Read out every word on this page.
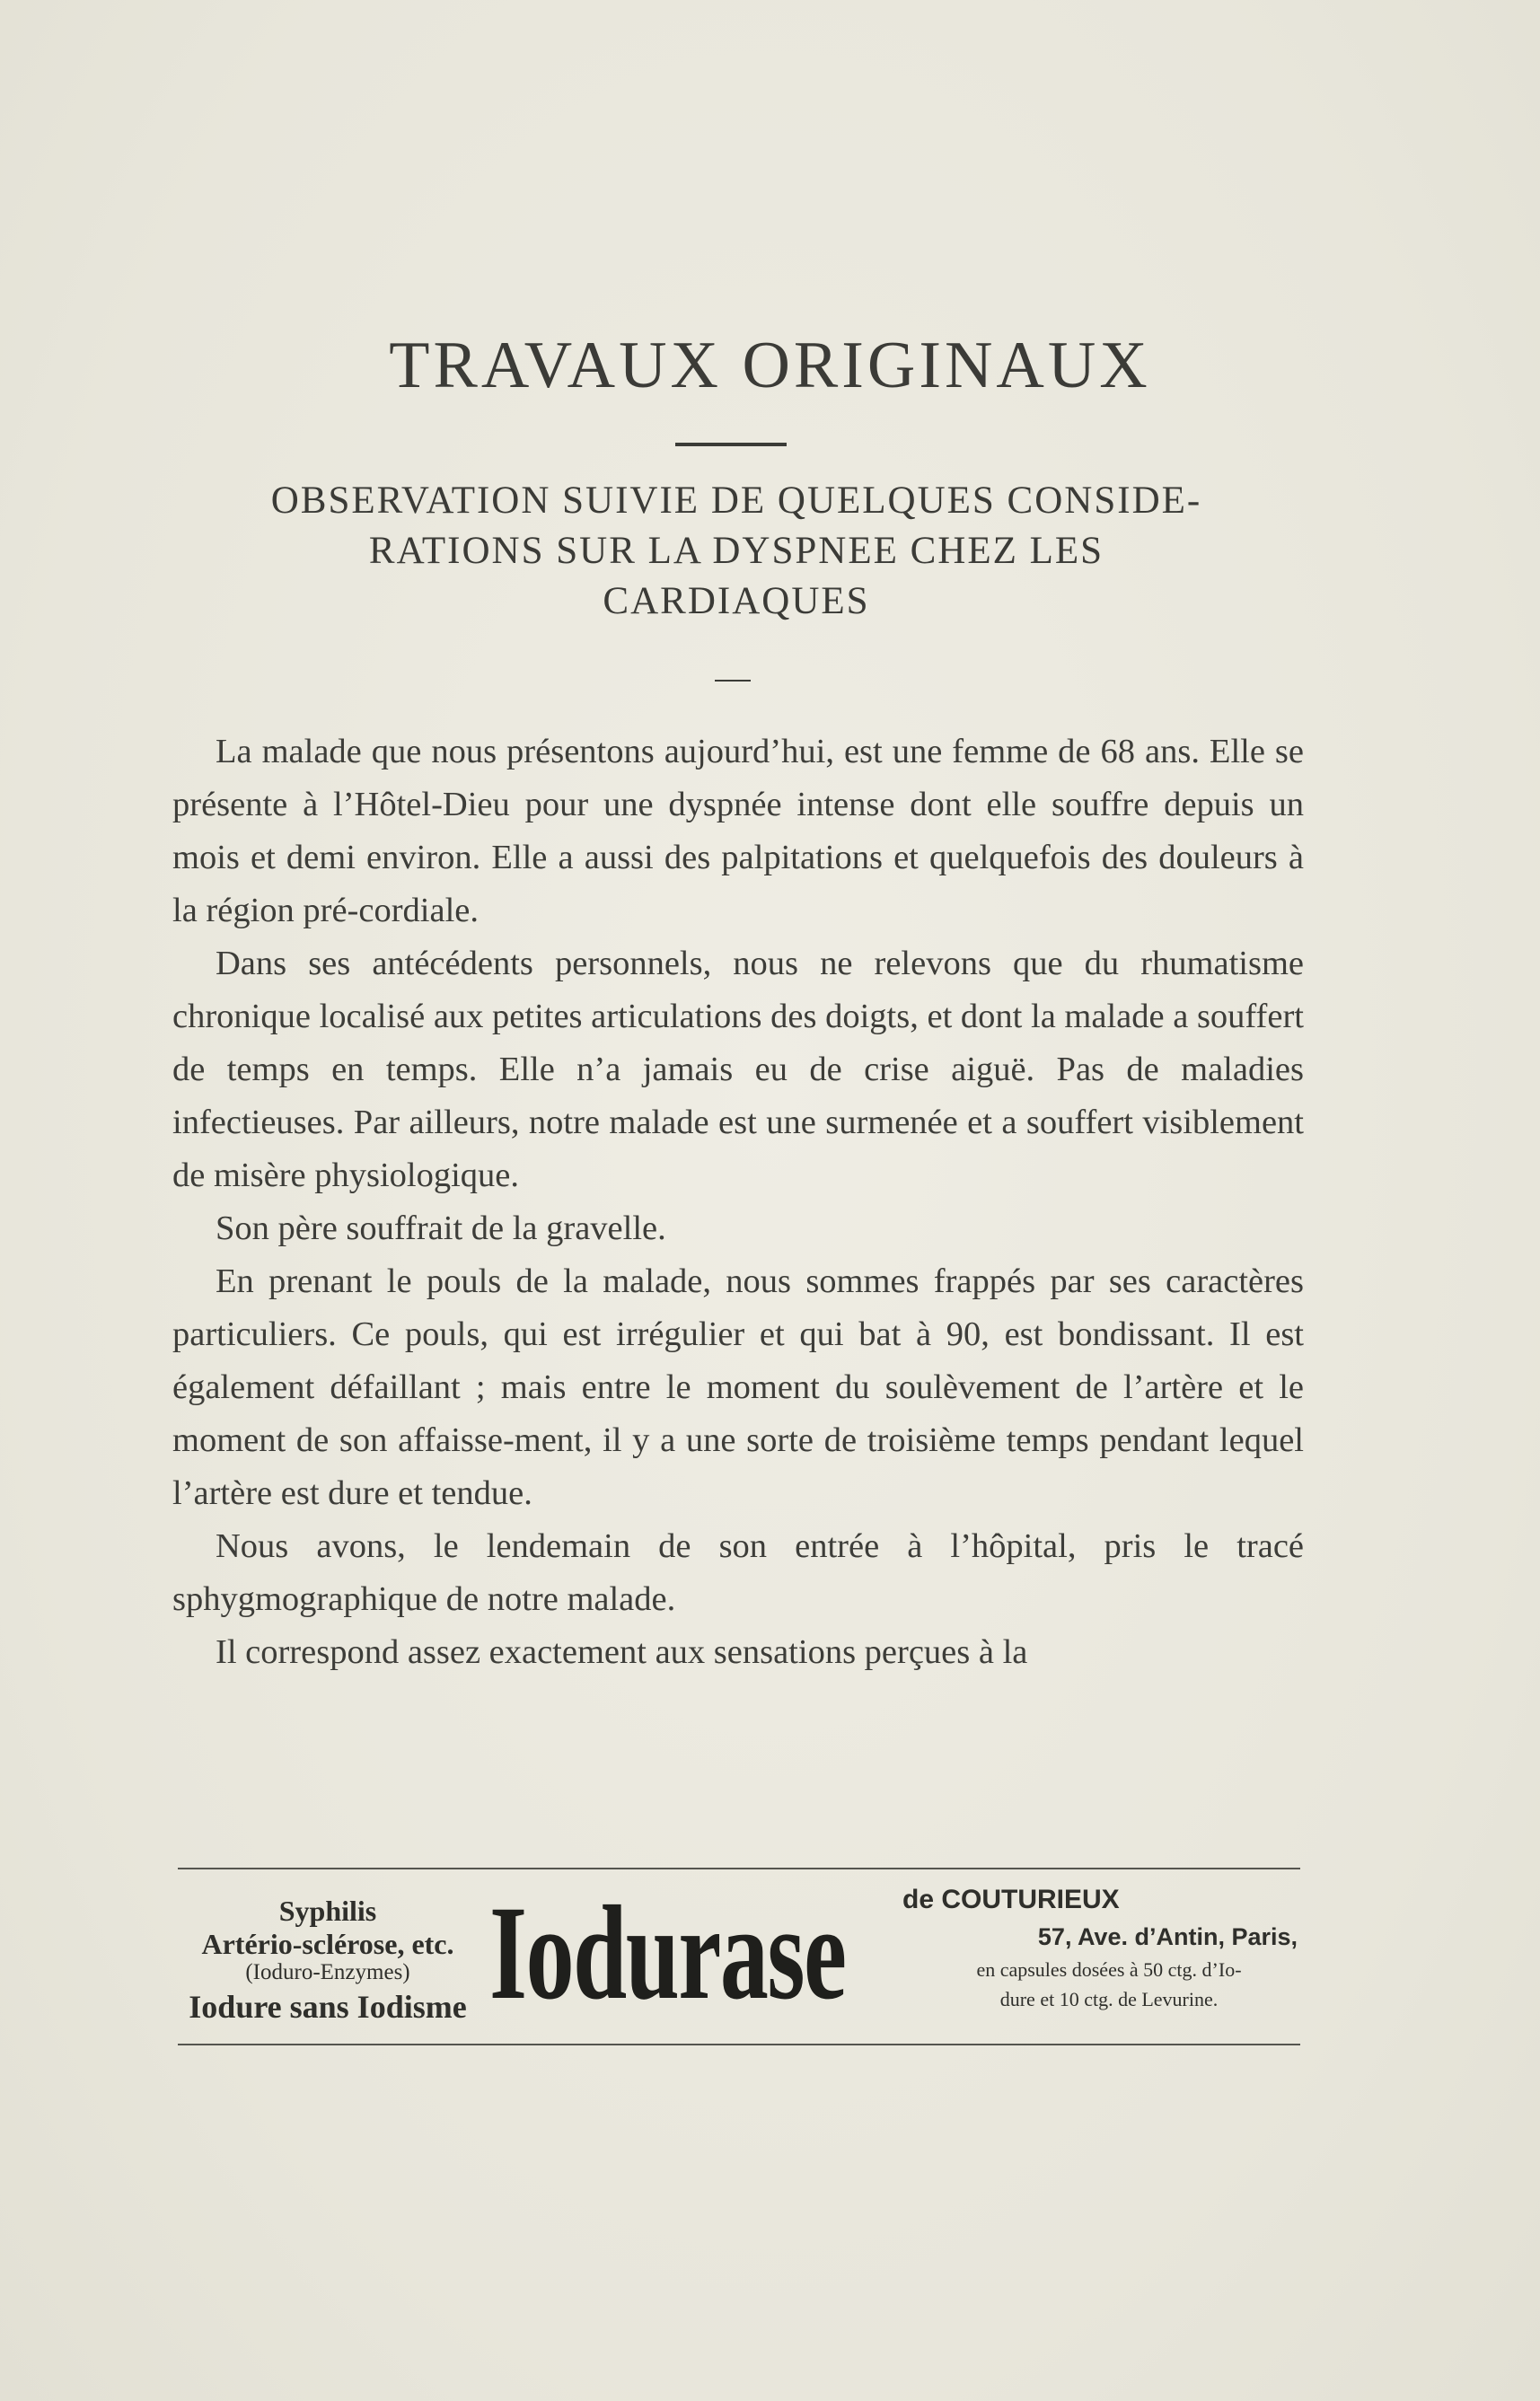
TRAVAUX ORIGINAUX
OBSERVATION SUIVIE DE QUELQUES CONSIDE-
RATIONS SUR LA DYSPNEE CHEZ LES
CARDIAQUES

La malade que nous présentons aujourd’hui, est une femme de 68 ans. Elle se présente à l’Hôtel-Dieu pour une dyspnée intense dont elle souffre depuis un mois et demi environ. Elle a aussi des palpitations et quelquefois des douleurs à la région pré-cordiale.

Dans ses antécédents personnels, nous ne relevons que du rhumatisme chronique localisé aux petites articulations des doigts, et dont la malade a souffert de temps en temps. Elle n’a jamais eu de crise aiguë. Pas de maladies infectieuses. Par ailleurs, notre malade est une surmenée et a souffert visiblement de misère physiologique.

Son père souffrait de la gravelle.

En prenant le pouls de la malade, nous sommes frappés par ses caractères particuliers. Ce pouls, qui est irrégulier et qui bat à 90, est bondissant. Il est également défaillant ; mais entre le moment du soulèvement de l’artère et le moment de son affaisse-ment, il y a une sorte de troisième temps pendant lequel l’artère est dure et tendue.

Nous avons, le lendemain de son entrée à l’hôpital, pris le tracé sphygmographique de notre malade.

Il correspond assez exactement aux sensations perçues à la

Syphilis
Artério-sclérose, etc.
(Ioduro-Enzymes)
Iodure sans Iodisme Iodurase de COUTURIEUX
57, Ave. d’Antin, Paris,
en capsules dosées à 50 ctg. d’Io-
dure et 10 ctg. de Levurine.
